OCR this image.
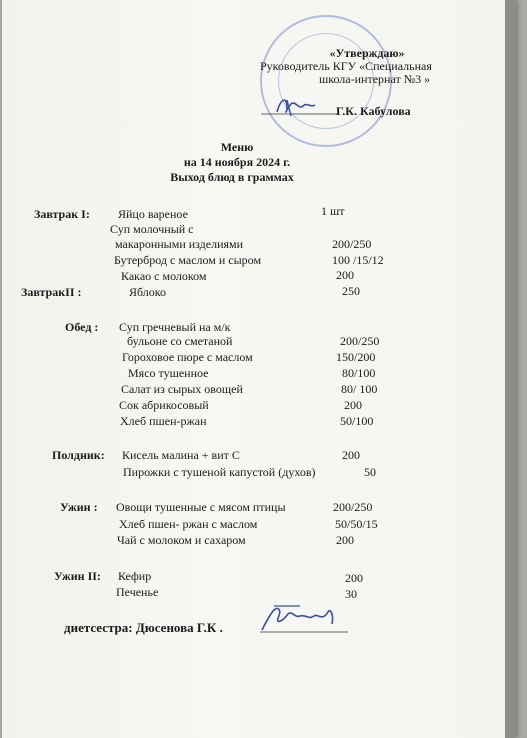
«Утверждаю»
Руководитель КГУ «Специальная
школа-интернат №3 »
Г.К. Кабулова
Меню
на 14 ноября 2024 г.
Выход блюд в граммах
Завтрак I: Яйцо вареное	1 шт
Суп молочный с
макаронными изделиями	200/250
Бутерброд с маслом и сыром	100 /15/12
Какао с молоком	200
ЗавтракII :	Яблоко	250
Обед : Суп гречневый на м/к
бульоне со сметаной	200/250
Гороховое пюре с маслом	150/200
Мясо тушенное	80/100
Салат из сырых овощей	80/ 100
Сок абрикосовый	200
Хлеб пшен-ржан	50/100
Полдник: Кисель малина + вит С	200
Пирожки с тушеной капустой (духов)	50
Ужин : Овощи тушенные с мясом птицы	200/250
Хлеб пшен- ржан с маслом	50/50/15
Чай с молоком и сахаром	200
Ужин II: Кефир	200
Печенье	30
диетсестра: Дюсенова Г.К .
